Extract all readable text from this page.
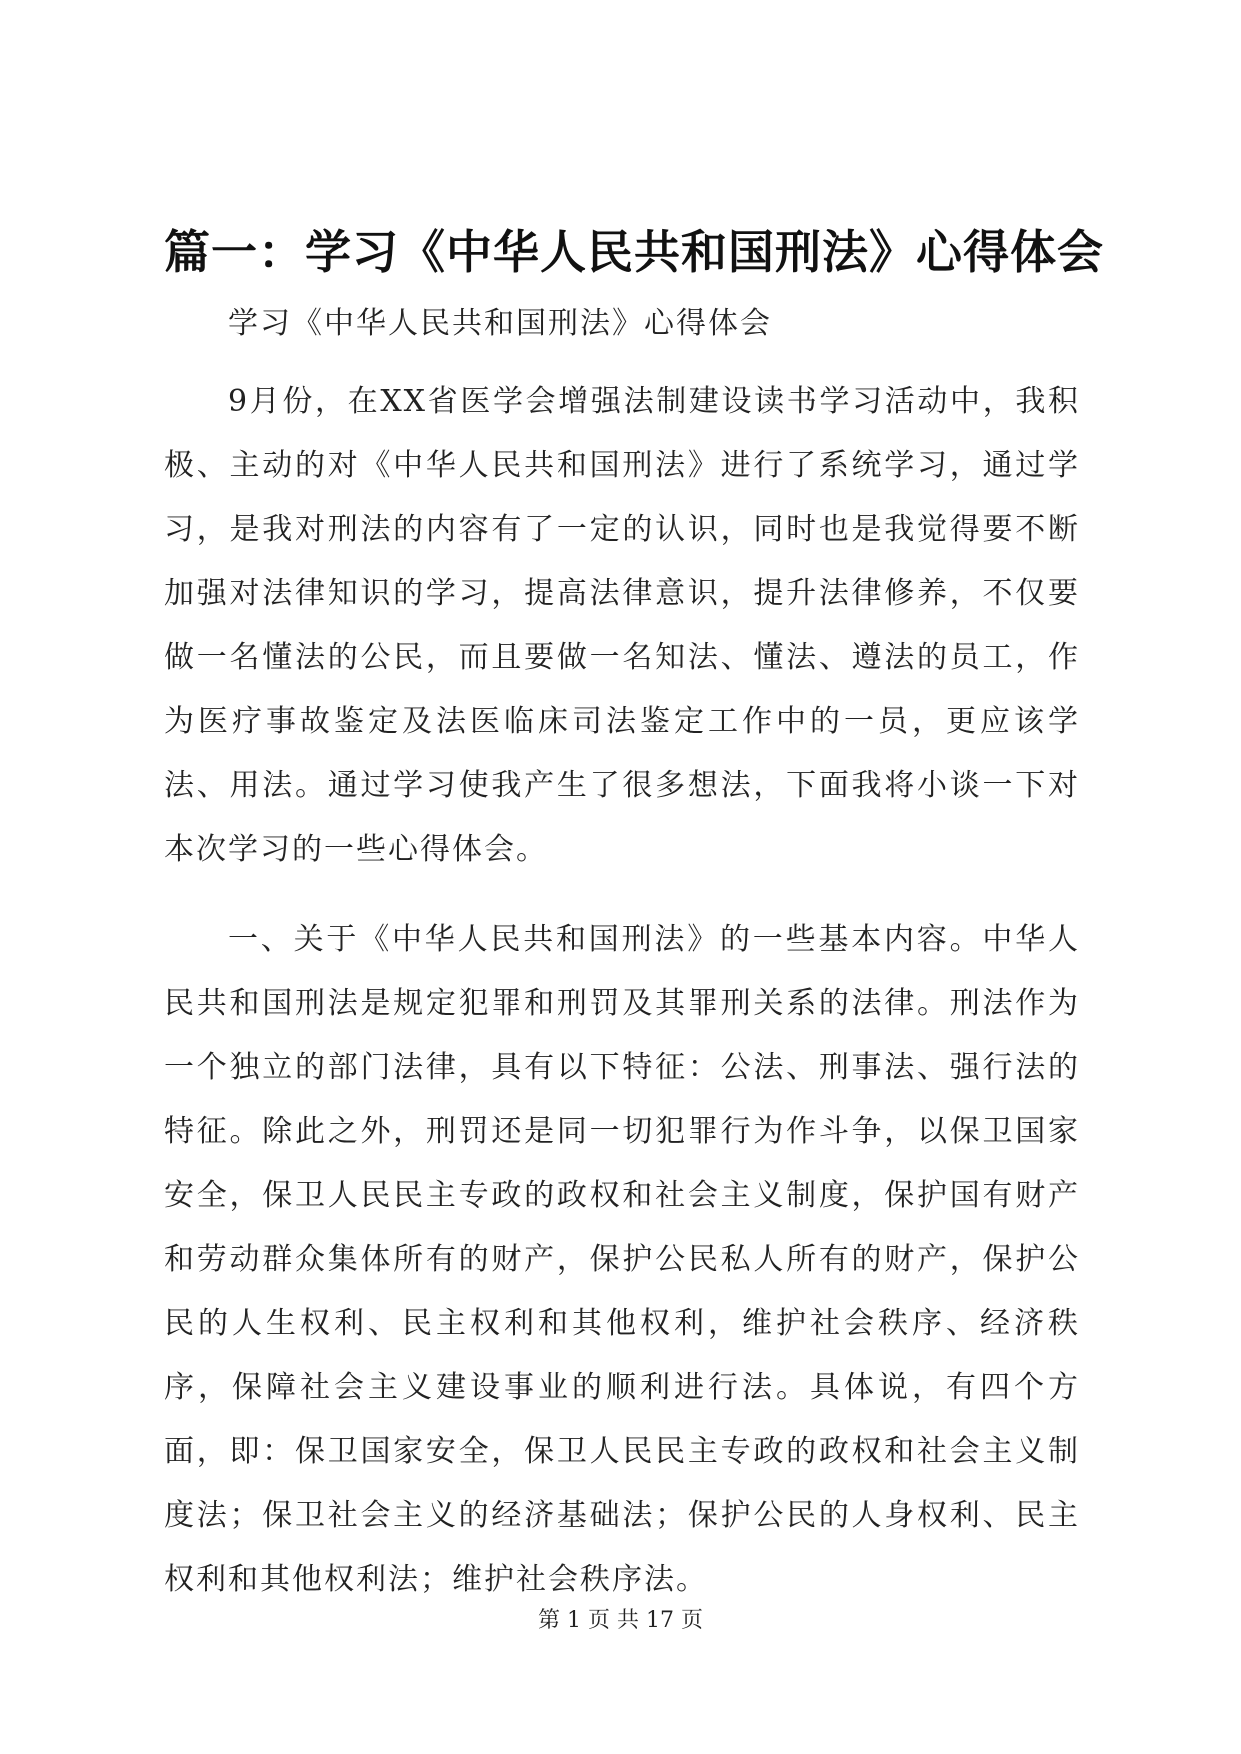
篇一：学习《中华人民共和国刑法》心得体会

学习《中华人民共和国刑法》心得体会

9月份，在XX省医学会增强法制建设读书学习活动中，我积极、主动的对《中华人民共和国刑法》进行了系统学习，通过学习，是我对刑法的内容有了一定的认识，同时也是我觉得要不断加强对法律知识的学习，提高法律意识，提升法律修养，不仅要做一名懂法的公民，而且要做一名知法、懂法、遵法的员工，作为医疗事故鉴定及法医临床司法鉴定工作中的一员，更应该学法、用法。通过学习使我产生了很多想法，下面我将小谈一下对本次学习的一些心得体会。

一、关于《中华人民共和国刑法》的一些基本内容。中华人民共和国刑法是规定犯罪和刑罚及其罪刑关系的法律。刑法作为一个独立的部门法律，具有以下特征：公法、刑事法、强行法的特征。除此之外，刑罚还是同一切犯罪行为作斗争，以保卫国家安全，保卫人民民主专政的政权和社会主义制度，保护国有财产和劳动群众集体所有的财产，保护公民私人所有的财产，保护公民的人生权利、民主权利和其他权利，维护社会秩序、经济秩序，保障社会主义建设事业的顺利进行法。具体说，有四个方面，即：保卫国家安全，保卫人民民主专政的政权和社会主义制度法；保卫社会主义的经济基础法；保护公民的人身权利、民主权利和其他权利法；维护社会秩序法。

第 1 页 共 17 页
